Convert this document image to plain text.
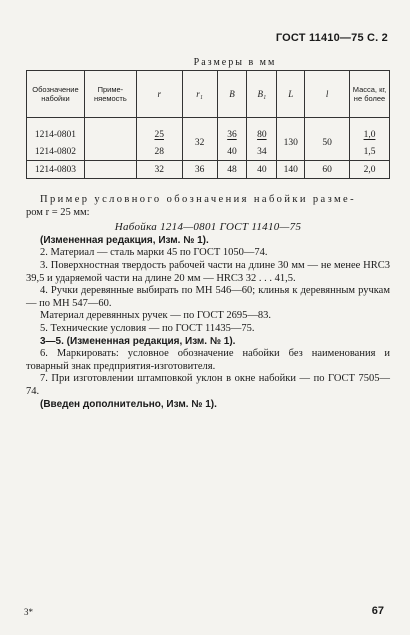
ГОСТ 11410—75 С. 2
Размеры в мм
Обозначение набойки	Приме-няемость	r	r₁	B	B₁	L	l	Масса, кг, не более
1214-0801		25	32	36	80	130	50	1,0
1214-0802		28		40	34			1,5
1214-0803		32	36	48	40	140	60	2,0

Пример условного обозначения набойки разме-

ром r = 25 мм:

Набойка 1214—0801 ГОСТ 11410—75

(Измененная редакция, Изм. № 1).

2. Материал — сталь марки 45 по ГОСТ 1050—74.

3. Поверхностная твердость рабочей части на длине 30 мм — не менее HRC3 39,5 и ударяемой части на длине 20 мм — HRC3 32 . . . 41,5.

4. Ручки деревянные выбирать по МН 546—60; клинья к деревянным ручкам — по МН 547—60.

Материал деревянных ручек — по ГОСТ 2695—83.

5. Технические условия — по ГОСТ 11435—75.

3—5. (Измененная редакция, Изм. № 1).

6. Маркировать: условное обозначение набойки без наименования и товарный знак предприятия-изготовителя.

7. При изготовлении штамповкой уклон в окне набойки — по ГОСТ 7505—74.

(Введен дополнительно, Изм. № 1).

3*	67
